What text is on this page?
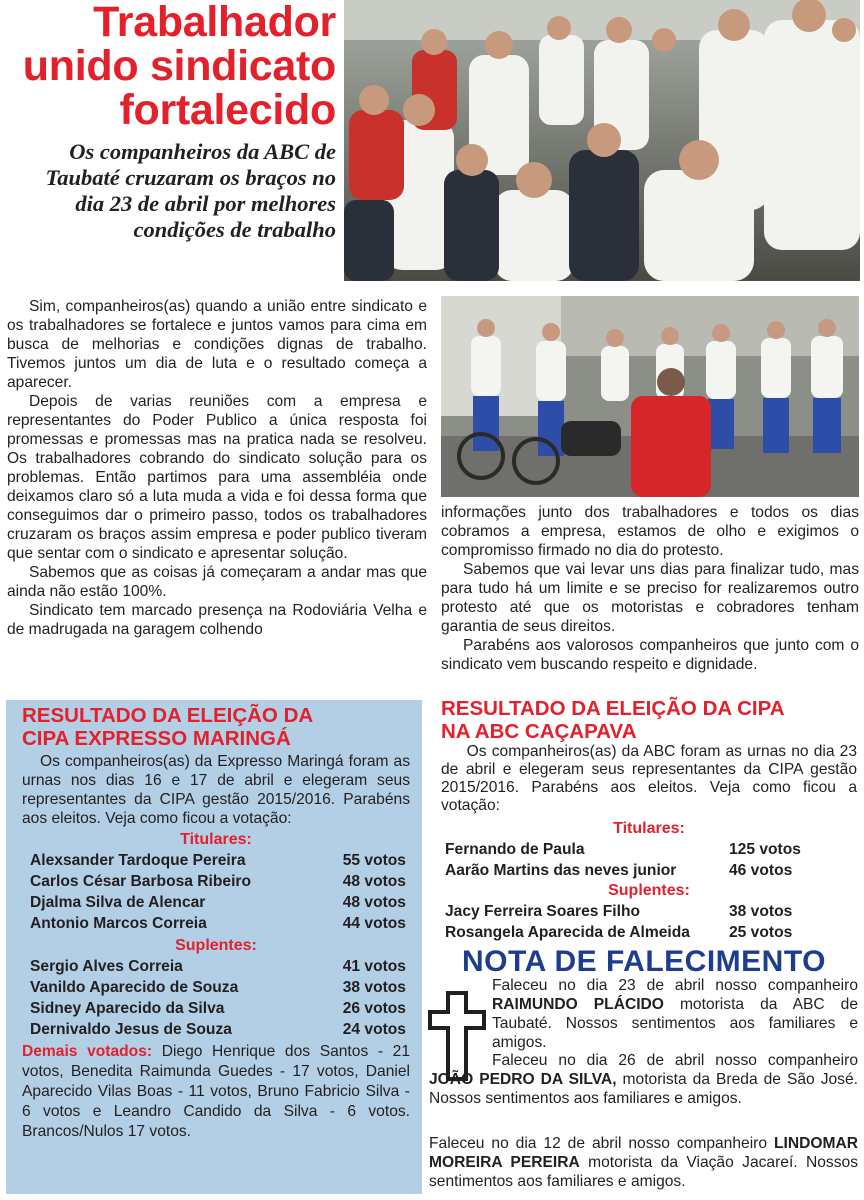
Trabalhador
unido sindicato
fortalecido
Os companheiros da ABC de Taubaté cruzaram os braços no dia 23 de abril por melhores condições de trabalho

Sim, companheiros(as) quando a união entre sindicato e os trabalhadores se fortalece e juntos vamos para cima em busca de melhorias e condições dignas de trabalho. Tivemos juntos um dia de luta e o resultado começa a aparecer.

Depois de varias reuniões com a empresa e representantes do Poder Publico a única resposta foi promessas e promessas mas na pratica nada se resolveu. Os trabalhadores cobrando do sindicato solução para os problemas. Então partimos para uma assembléia onde deixamos claro só a luta muda a vida e foi dessa forma que conseguimos dar o primeiro passo, todos os trabalhadores cruzaram os braços assim empresa e poder publico tiveram que sentar com o sindicato e apresentar solução.

Sabemos que as coisas já começaram a andar mas que ainda não estão 100%.

Sindicato tem marcado presença na Rodoviária Velha e de madrugada na garagem colhendo

informações junto dos trabalhadores e todos os dias cobramos a empresa, estamos de olho e exigimos o compromisso firmado no dia do protesto.

Sabemos que vai levar uns dias para finalizar tudo, mas para tudo há um limite e se preciso for realizaremos outro protesto até que os motoristas e cobradores tenham garantia de seus direitos.

Parabéns aos valorosos companheiros que junto com o sindicato vem buscando respeito e dignidade.

RESULTADO DA ELEIÇÃO DA
CIPA EXPRESSO MARINGÁ
Os companheiros(as) da Expresso Maringá foram as urnas nos dias 16 e 17 de abril e elegeram seus representantes da CIPA gestão 2015/2016. Parabéns aos eleitos. Veja como ficou a votação:
Titulares:
Alexsander Tardoque Pereira	55 votos
Carlos César Barbosa Ribeiro	48 votos
Djalma Silva de Alencar	48 votos
Antonio Marcos Correia	44 votos
Suplentes:
Sergio Alves Correia	41 votos
Vanildo Aparecido de Souza	38 votos
Sidney Aparecido da Silva	26 votos
Dernivaldo Jesus de Souza	24 votos
Demais votados: Diego Henrique dos Santos - 21 votos, Benedita Raimunda Guedes - 17 votos, Daniel Aparecido Vilas Boas - 11 votos, Bruno Fabricio Silva - 6 votos e Leandro Candido da Silva - 6 votos. Brancos/Nulos 17 votos.
RESULTADO DA ELEIÇÃO DA CIPA
NA ABC CAÇAPAVA
Os companheiros(as) da ABC foram as urnas no dia 23 de abril e elegeram seus representantes da CIPA gestão 2015/2016. Parabéns aos eleitos. Veja como ficou a votação:
Titulares:
Fernando de Paula	125 votos
Aarão Martins das neves junior	46 votos
Suplentes:
Jacy Ferreira Soares Filho	38 votos
Rosangela Aparecida de Almeida	25 votos
NOTA DE FALECIMENTO
Faleceu no dia 23 de abril nosso companheiro RAIMUNDO PLÁCIDO motorista da ABC de Taubaté. Nossos sentimentos aos familiares e amigos.
Faleceu no dia 26 de abril nosso companheiro JOÃO PEDRO DA SILVA, motorista da Breda de São José. Nossos sentimentos aos familiares e amigos.
Faleceu no dia 12 de abril nosso companheiro LINDOMAR MOREIRA PEREIRA motorista da Viação Jacareí. Nossos sentimentos aos familiares e amigos.
